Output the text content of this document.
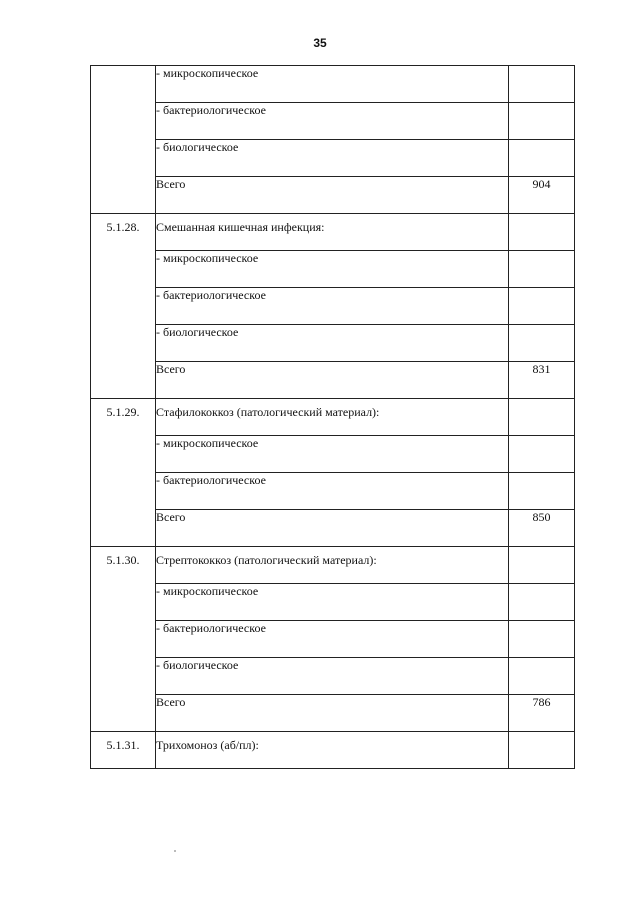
35
	- микроскопическое	
	- бактериологическое	
	- биологическое	
	Всего	904
5.1.28.	Смешанная кишечная инфекция:	
	- микроскопическое	
	- бактериологическое	
	- биологическое	
	Всего	831
5.1.29.	Стафилококкоз (патологический материал):	
	- микроскопическое	
	- бактериологическое	
	Всего	850
5.1.30.	Стрептококкоз (патологический материал):	
	- микроскопическое	
	- бактериологическое	
	- биологическое	
	Всего	786
5.1.31.	Трихомоноз (аб/пл):	
